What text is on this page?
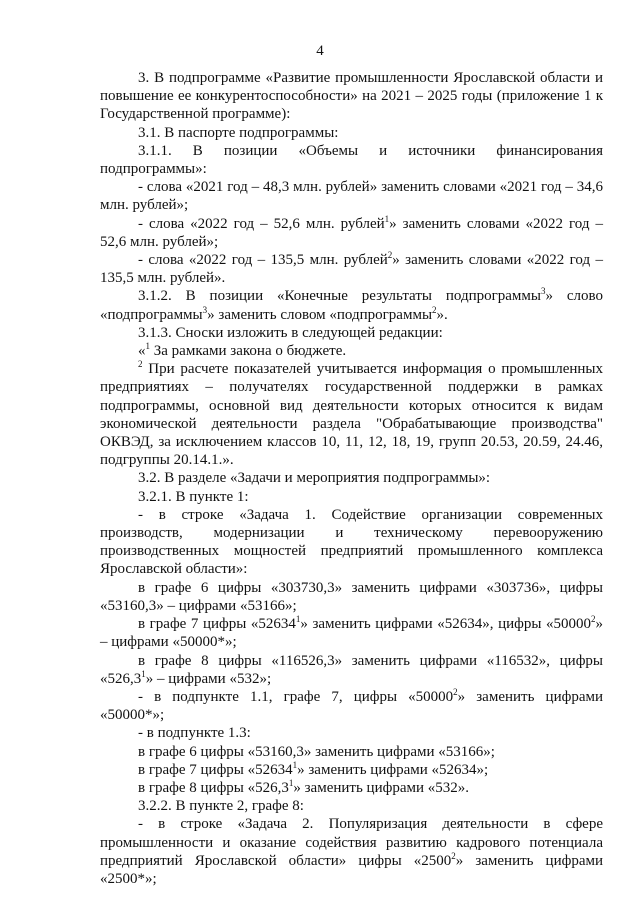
4

3. В подпрограмме «Развитие промышленности Ярославской области и повышение ее конкурентоспособности» на 2021 – 2025 годы (приложение 1 к Государственной программе):

3.1. В паспорте подпрограммы:

3.1.1. В позиции «Объемы и источники финансирования подпрограммы»:

- слова «2021 год – 48,3 млн. рублей» заменить словами «2021 год – 34,6 млн. рублей»;

- слова «2022 год – 52,6 млн. рублей$^1$» заменить словами «2022 год – 52,6 млн. рублей»;

- слова «2022 год – 135,5 млн. рублей$^2$» заменить словами «2022 год – 135,5 млн. рублей».

3.1.2. В позиции «Конечные результаты подпрограммы$^3$» слово «подпрограммы$^3$» заменить словом «подпрограммы$^2$».

3.1.3. Сноски изложить в следующей редакции:

«$^1$ За рамками закона о бюджете.

$^2$ При расчете показателей учитывается информация о промышленных предприятиях – получателях государственной поддержки в рамках подпрограммы, основной вид деятельности которых относится к видам экономической деятельности раздела "Обрабатывающие производства" ОКВЭД, за исключением классов 10, 11, 12, 18, 19, групп 20.53, 20.59, 24.46, подгруппы 20.14.1.».

3.2. В разделе «Задачи и мероприятия подпрограммы»:

3.2.1. В пункте 1:

- в строке «Задача 1. Содействие организации современных производств, модернизации и техническому перевооружению производственных мощностей предприятий промышленного комплекса Ярославской области»:

в графе 6 цифры «303730,3» заменить цифрами «303736», цифры «53160,3» – цифрами «53166»;

в графе 7 цифры «52634$^1$» заменить цифрами «52634», цифры «50000$^2$» – цифрами «50000*»;

в графе 8 цифры «116526,3» заменить цифрами «116532», цифры «526,3$^1$» – цифрами «532»;

- в подпункте 1.1, графе 7, цифры «50000$^2$» заменить цифрами «50000*»;

- в подпункте 1.3:

в графе 6 цифры «53160,3» заменить цифрами «53166»;

в графе 7 цифры «52634$^1$» заменить цифрами «52634»;

в графе 8 цифры «526,3$^1$» заменить цифрами «532».

3.2.2. В пункте 2, графе 8:

- в строке «Задача 2. Популяризация деятельности в сфере промышленности и оказание содействия развитию кадрового потенциала предприятий Ярославской области» цифры «2500$^2$» заменить цифрами «2500*»;
